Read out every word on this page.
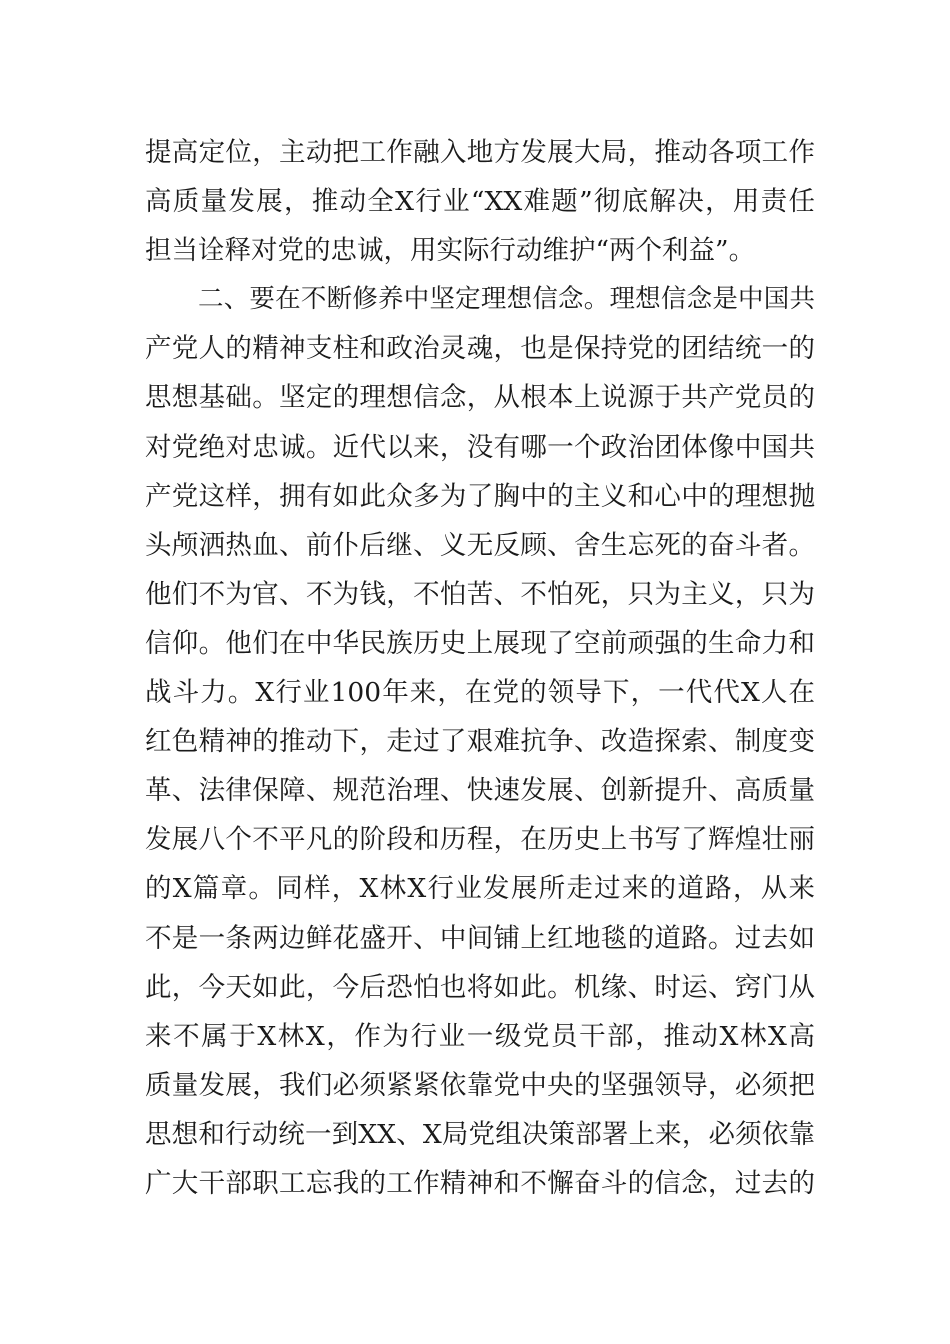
提高定位，主动把工作融入地方发展大局，推动各项工作
高质量发展，推动全X行业“XX难题”彻底解决，用责任
担当诠释对党的忠诚，用实际行动维护“两个利益”。
二、要在不断修养中坚定理想信念。理想信念是中国共
产党人的精神支柱和政治灵魂，也是保持党的团结统一的
思想基础。坚定的理想信念，从根本上说源于共产党员的
对党绝对忠诚。近代以来，没有哪一个政治团体像中国共
产党这样，拥有如此众多为了胸中的主义和心中的理想抛
头颅洒热血、前仆后继、义无反顾、舍生忘死的奋斗者。
他们不为官、不为钱，不怕苦、不怕死，只为主义，只为
信仰。他们在中华民族历史上展现了空前顽强的生命力和
战斗力。X行业100年来，在党的领导下，一代代X人在
红色精神的推动下，走过了艰难抗争、改造探索、制度变
革、法律保障、规范治理、快速发展、创新提升、高质量
发展八个不平凡的阶段和历程，在历史上书写了辉煌壮丽
的X篇章。同样，X林X行业发展所走过来的道路，从来
不是一条两边鲜花盛开、中间铺上红地毯的道路。过去如
此，今天如此，今后恐怕也将如此。机缘、时运、窍门从
来不属于X林X，作为行业一级党员干部，推动X林X高
质量发展，我们必须紧紧依靠党中央的坚强领导，必须把
思想和行动统一到XX、X局党组决策部署上来，必须依靠
广大干部职工忘我的工作精神和不懈奋斗的信念，过去的
